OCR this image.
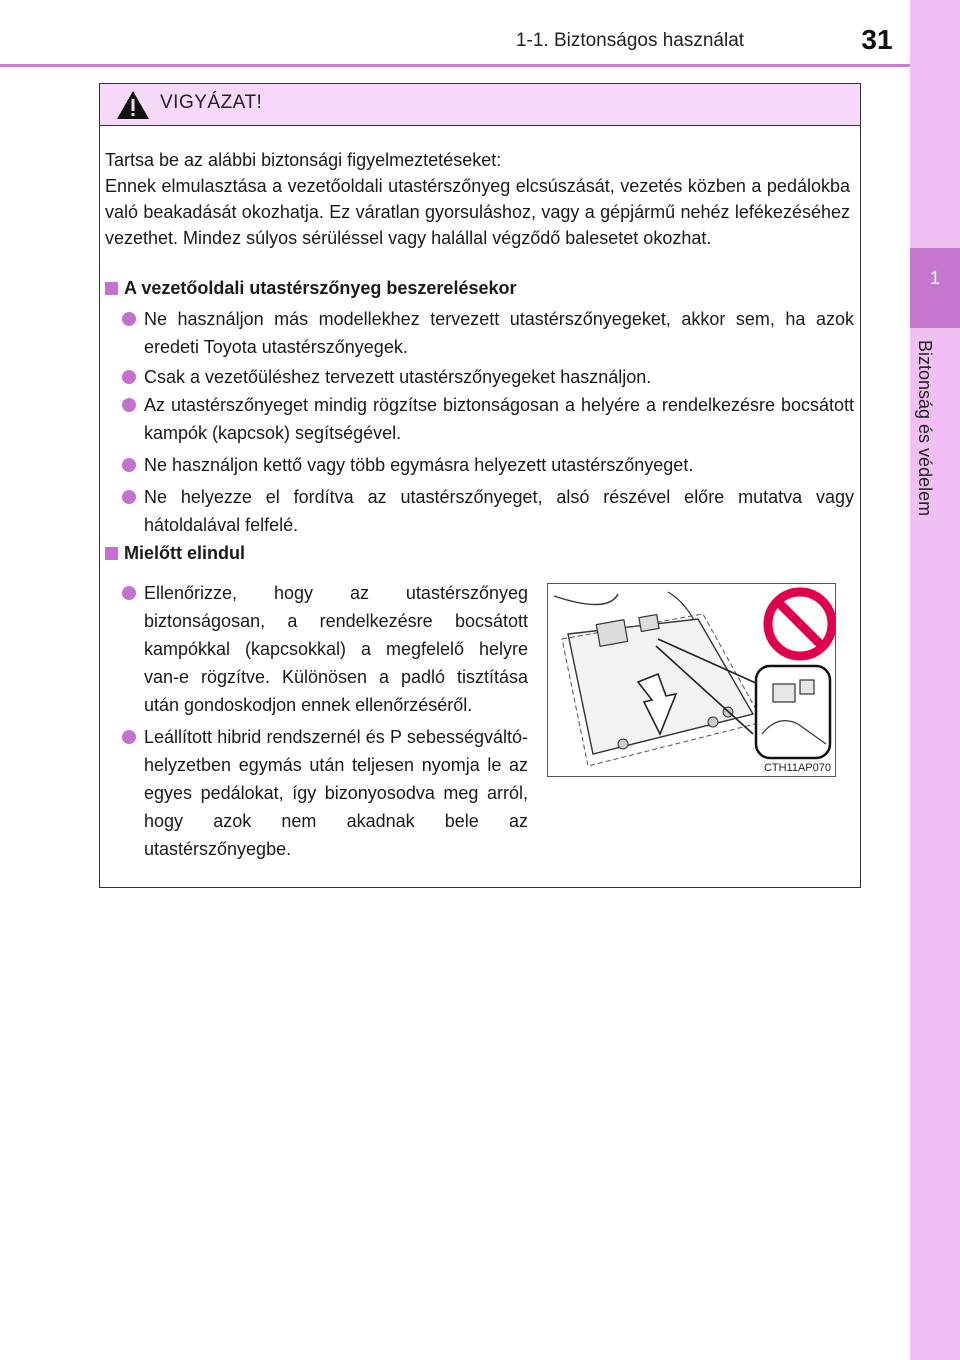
1-1. Biztonságos használat	31
1
Biztonság és védelem
VIGYÁZAT!

Tartsa be az alábbi biztonsági figyelmeztetéseket:
Ennek elmulasztása a vezetőoldali utastérszőnyeg elcsúszását, vezetés közben a pedálokba való beakadását okozhatja. Ez váratlan gyorsuláshoz, vagy a gépjármű nehéz lefékezéséhez vezethet. Mindez súlyos sérüléssel vagy halállal végződő balesetet okozhat.

A vezetőoldali utastérszőnyeg beszerelésekor
Ne használjon más modellekhez tervezett utastérszőnyegeket, akkor sem, ha azok eredeti Toyota utastérszőnyegek.
Csak a vezetőüléshez tervezett utastérszőnyegeket használjon.
Az utastérszőnyeget mindig rögzítse biztonságosan a helyére a rendelkezésre bocsátott kampók (kapcsok) segítségével.
Ne használjon kettő vagy több egymásra helyezett utastérszőnyeget.
Ne helyezze el fordítva az utastérszőnyeget, alsó részével előre mutatva vagy hátoldalával felfelé.
Mielőtt elindul
Ellenőrizze, hogy az utastérszőnyeg biztonságosan, a rendelkezésre bocsátott kampókkal (kapcsokkal) a megfelelő helyre van-e rögzítve. Különösen a padló tisztítása után gondoskodjon ennek ellenőrzéséről.
Leállított hibrid rendszernél és P sebességváltó-helyzetben egymás után teljesen nyomja le az egyes pedálokat, így bizonyosodva meg arról, hogy azok nem akadnak bele az utastérszőnyegbe.
CTH11AP070
